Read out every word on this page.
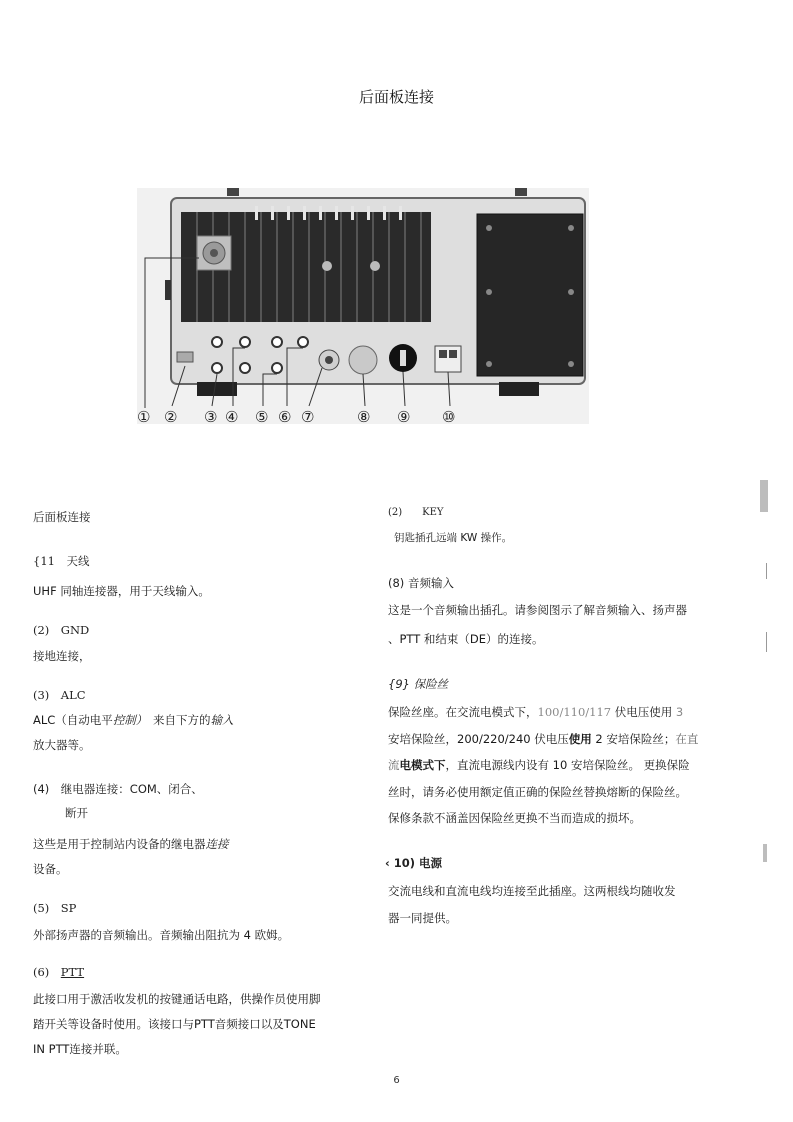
后面板连接
① ② ③ ④ ⑤ ⑥ ⑦	⑧ ⑨ ⑩
后面板连接
{11　天线
UHF 同轴连接器，用于天线输入。
(2)　GND
接地连接，
(3)　ALC
ALC（自动电平控制）　来自下方的输入
放大器等。
(4)　继电器连接：COM、闭合、
断开
这些是用于控制站内设备的继电器连接
设备。
(5)　SP
外部扬声器的音频输出。音频输出阻抗为 4 欧姆。
(6)　PTT
此接口用于激活收发机的按键通话电路，供操作员使用脚
踏开关等设备时使用。该接口与PTT音频接口以及TONE
IN PTT连接并联。
(2)　　KEY
钥匙插孔远端 KW 操作。
(8) 音频输入
这是一个音频输出插孔。请参阅图示了解音频输入、扬声器
、PTT 和结束（DE）的连接。
{9} 保险丝
保险丝座。在交流电模式下，100/110/117 伏电压使用 3
安培保险丝，200/220/240 伏电压使用 2 安培保险丝；在直
流电模式下，直流电源线内设有 10 安培保险丝。 更换保险
丝时，请务必使用额定值正确的保险丝替换熔断的保险丝。
保修条款不涵盖因保险丝更换不当而造成的损坏。
‹ 10) 电源
交流电线和直流电线均连接至此插座。这两根线均随收发
器一同提供。
6
